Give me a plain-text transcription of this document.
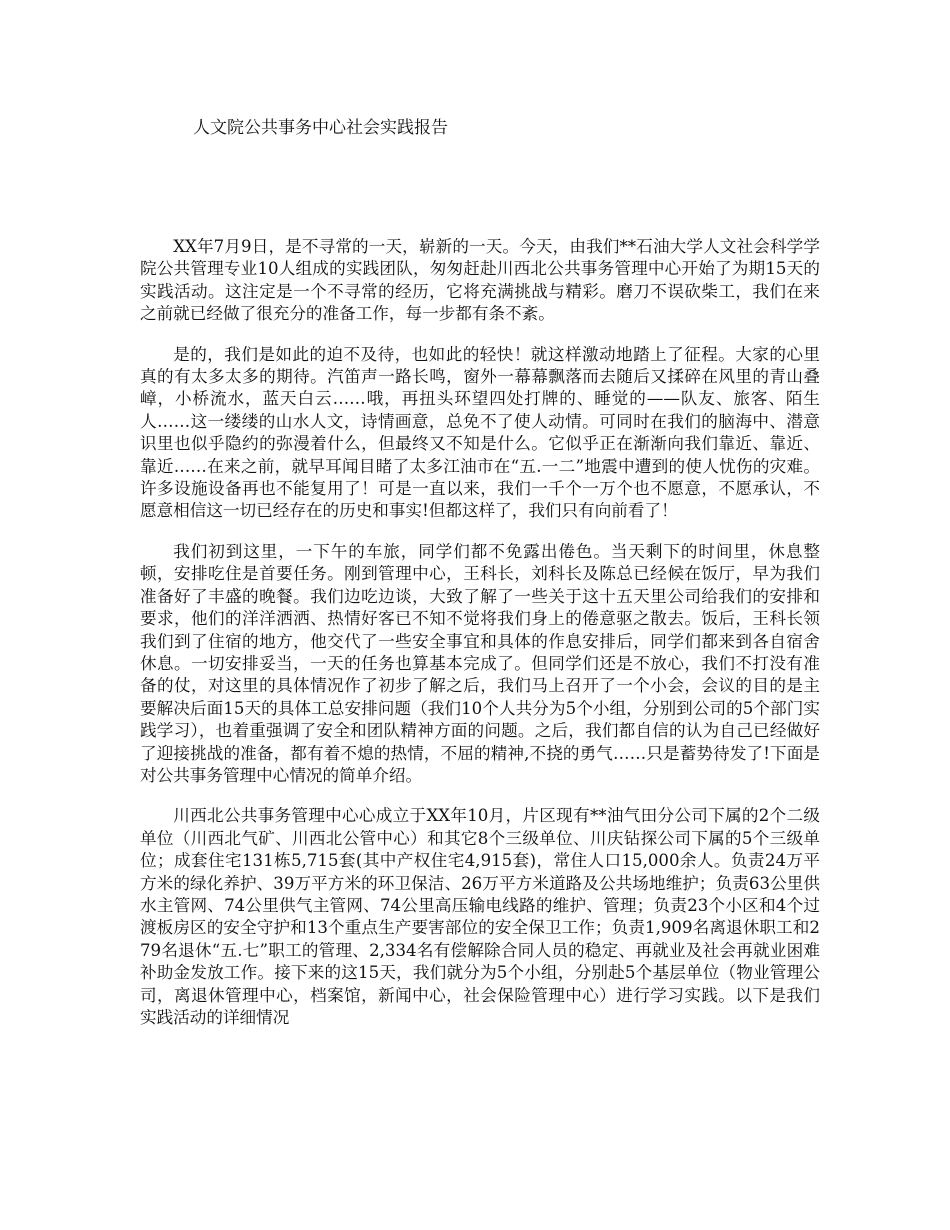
人文院公共事务中心社会实践报告

XX年7月9日，是不寻常的一天，崭新的一天。今天，由我们**石油大学人文社会科学学院公共管理专业10人组成的实践团队，匆匆赶赴川西北公共事务管理中心开始了为期15天的实践活动。这注定是一个不寻常的经历，它将充满挑战与精彩。磨刀不误砍柴工，我们在来之前就已经做了很充分的准备工作，每一步都有条不紊。

是的，我们是如此的迫不及待，也如此的轻快！就这样激动地踏上了征程。大家的心里真的有太多太多的期待。汽笛声一路长鸣，窗外一幕幕飘落而去随后又揉碎在风里的青山叠嶂，小桥流水，蓝天白云……哦，再扭头环望四处打牌的、睡觉的——队友、旅客、陌生人……这一缕缕的山水人文，诗情画意，总免不了使人动情。可同时在我们的脑海中、潜意识里也似乎隐约的弥漫着什么，但最终又不知是什么。它似乎正在渐渐向我们靠近、靠近、靠近……在来之前，就早耳闻目睹了太多江油市在“五.一二”地震中遭到的使人忧伤的灾难。许多设施设备再也不能复用了！可是一直以来，我们一千个一万个也不愿意，不愿承认，不愿意相信这一切已经存在的历史和事实!但都这样了，我们只有向前看了！

我们初到这里，一下午的车旅，同学们都不免露出倦色。当天剩下的时间里，休息整顿，安排吃住是首要任务。刚到管理中心，王科长，刘科长及陈总已经候在饭厅，早为我们准备好了丰盛的晚餐。我们边吃边谈，大致了解了一些关于这十五天里公司给我们的安排和要求，他们的洋洋洒洒、热情好客已不知不觉将我们身上的倦意驱之散去。饭后，王科长领我们到了住宿的地方，他交代了一些安全事宜和具体的作息安排后，同学们都来到各自宿舍休息。一切安排妥当，一天的任务也算基本完成了。但同学们还是不放心，我们不打没有准备的仗，对这里的具体情况作了初步了解之后，我们马上召开了一个小会，会议的目的是主要解决后面15天的具体工总安排问题（我们10个人共分为5个小组，分别到公司的5个部门实践学习），也着重强调了安全和团队精神方面的问题。之后，我们都自信的认为自己已经做好了迎接挑战的准备，都有着不熄的热情，不屈的精神,不挠的勇气……只是蓄势待发了!下面是对公共事务管理中心情况的简单介绍。

川西北公共事务管理中心心成立于XX年10月，片区现有**油气田分公司下属的2个二级单位（川西北气矿、川西北公管中心）和其它8个三级单位、川庆钻探公司下属的5个三级单位；成套住宅131栋5,715套(其中产权住宅4,915套)，常住人口15,000余人。负责24万平方米的绿化养护、39万平方米的环卫保洁、26万平方米道路及公共场地维护；负责63公里供水主管网、74公里供气主管网、74公里高压输电线路的维护、管理；负责23个小区和4个过渡板房区的安全守护和13个重点生产要害部位的安全保卫工作；负责1,909名离退休职工和279名退休“五.七”职工的管理、2,334名有偿解除合同人员的稳定、再就业及社会再就业困难补助金发放工作。接下来的这15天，我们就分为5个小组，分别赴5个基层单位（物业管理公司，离退休管理中心，档案馆，新闻中心，社会保险管理中心）进行学习实践。以下是我们实践活动的详细情况
